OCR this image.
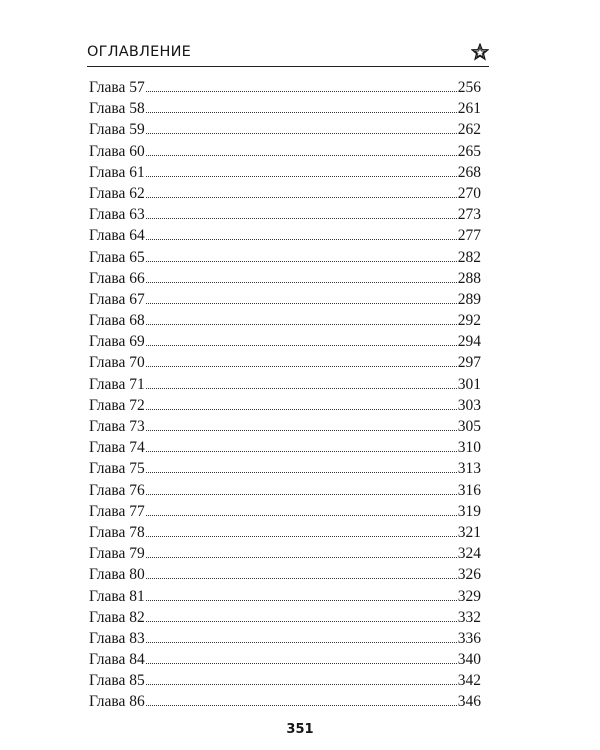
ОГЛАВЛЕНИЕ
Глава 57	256
Глава 58	261
Глава 59	262
Глава 60	265
Глава 61	268
Глава 62	270
Глава 63	273
Глава 64	277
Глава 65	282
Глава 66	288
Глава 67	289
Глава 68	292
Глава 69	294
Глава 70	297
Глава 71	301
Глава 72	303
Глава 73	305
Глава 74	310
Глава 75	313
Глава 76	316
Глава 77	319
Глава 78	321
Глава 79	324
Глава 80	326
Глава 81	329
Глава 82	332
Глава 83	336
Глава 84	340
Глава 85	342
Глава 86	346
351
